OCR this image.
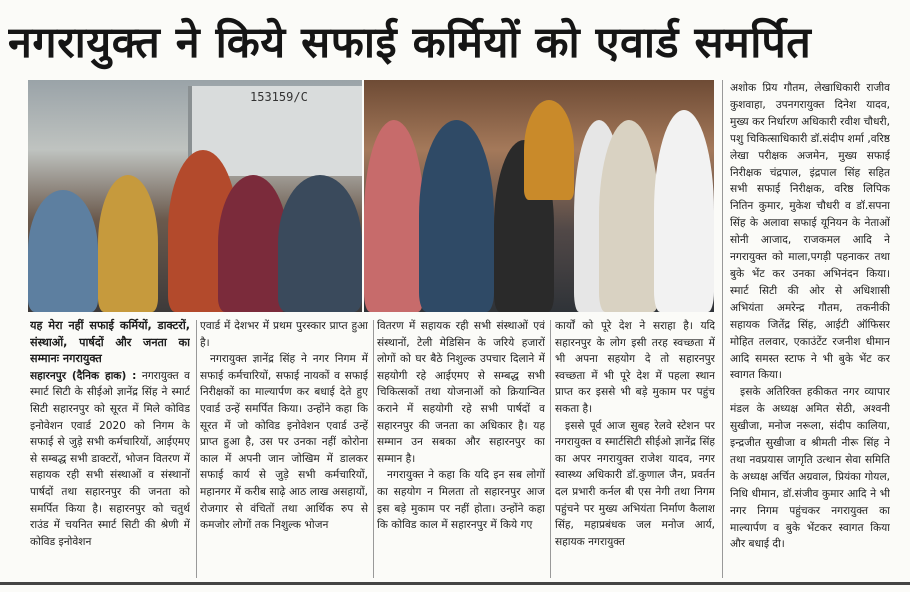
नगरायुक्त ने किये सफाई कर्मियों को एवार्ड समर्पित
153159/C

यह मेरा नहीं सफाई कर्मियों, डाक्टरों, संस्थाओं, पार्षदों और जनता का सम्मानः नगरायुक्त

सहारनपुर (दैनिक हाक) : नगरायुक्त व स्मार्ट सिटी के सीईओ ज्ञानेंद्र सिंह ने स्मार्ट सिटी सहारनपुर को सूरत में मिले कोविड इनोवेशन एवार्ड 2020 को निगम के सफाई से जुड़े सभी कर्मचारियों, आईएमए से सम्बद्ध सभी डाक्टरों, भोजन वितरण में सहायक रही सभी संस्थाओं व संस्थानों पार्षदों तथा सहारनपुर की जनता को समर्पित किया है। सहारनपुर को चतुर्थ राउंड में चयनित स्मार्ट सिटी की श्रेणी में कोविड इनोवेशन

एवार्ड में देशभर में प्रथम पुरस्कार प्राप्त हुआ है।

नगरायुक्त ज्ञानेंद्र सिंह ने नगर निगम में सफाई कर्मचारियों, सफाई नायकों व सफाई निरीक्षकों का माल्यार्पण कर बधाई देते हुए एवार्ड उन्हें समर्पित किया। उन्होंने कहा कि सूरत में जो कोविड इनोवेशन एवार्ड उन्हें प्राप्त हुआ है, उस पर उनका नहीं कोरोना काल में अपनी जान जोखिम में डालकर सफाई कार्य से जुड़े सभी कर्मचारियों, महानगर में करीब साढ़े आठ लाख असहायों, रोजगार से वंचितों तथा आर्थिक रुप से कमजोर लोगों तक निशुल्क भोजन

वितरण में सहायक रही सभी संस्थाओं एवं संस्थानों, टेली मेडिसिन के जरिये हजारों लोगों को घर बैठे निशुल्क उपचार दिलाने में सहयोगी रहे आईएमए से सम्बद्ध सभी चिकित्सकों तथा योजनाओं को क्रियान्वित कराने में सहयोगी रहे सभी पार्षदों व सहारनपुर की जनता का अधिकार है। यह सम्मान उन सबका और सहारनपुर का सम्मान है।

नगरायुक्त ने कहा कि यदि इन सब लोगों का सहयोग न मिलता तो सहारनपुर आज इस बड़े मुकाम पर नहीं होता। उन्होंने कहा कि कोविड काल में सहारनपुर में किये गए

कार्यों को पूरे देश ने सराहा है। यदि सहारनपुर के लोग इसी तरह स्वच्छता में भी अपना सहयोग दे तो सहारनपुर स्वच्छता में भी पूरे देश में पहला स्थान प्राप्त कर इससे भी बड़े मुकाम पर पहुंच सकता है।

इससे पूर्व आज सुबह रेलवे स्टेशन पर नगरायुक्त व स्मार्टसिटी सीईओ ज्ञानेंद्र सिंह का अपर नगरायुक्त राजेश यादव, नगर स्वास्थ्य अधिकारी डॉ.कुणाल जैन, प्रवर्तन दल प्रभारी कर्नल बी एस नेगी तथा निगम पहुंचने पर मुख्य अभियंता निर्माण कैलाश सिंह, महाप्रबंधक जल मनोज आर्य, सहायक नगरायुक्त

अशोक प्रिय गौतम, लेखाधिकारी राजीव कुशवाहा, उपनगरायुक्त दिनेश यादव, मुख्य कर निर्धारण अधिकारी रवीश चौधरी, पशु चिकित्साधिकारी डॉ.संदीप शर्मा ,वरिष्ठ लेखा परीक्षक अजमेन, मुख्य सफाई निरीक्षक चंद्रपाल, इंद्रपाल सिंह सहित सभी सफाई निरीक्षक, वरिष्ठ लिपिक नितिन कुमार, मुकेश चौधरी व डॉ.सपना सिंह के अलावा सफाई यूनियन के नेताओं सोनी आजाद, राजकमल आदि ने नगरायुक्त को माला,पगड़ी पहनाकर तथा बुके भेंट कर उनका अभिनंदन किया। स्मार्ट सिटी की ओर से अधिशासी अभियंता अमरेन्द्र गौतम, तकनीकी सहायक जितेंद्र सिंह, आईटी ऑफिसर मोहित तलवार, एकाउंटेंट रजनीश धीमान आदि समस्त स्टाफ ने भी बुके भेंट कर स्वागत किया।

इसके अतिरिक्त हकीकत नगर व्यापार मंडल के अध्यक्ष अमित सेठी, अश्वनी सुखीजा, मनोज नरूला, संदीप कालिया, इन्द्रजीत सुखीजा व श्रीमती नीरू सिंह ने तथा नवप्रयास जागृति उत्थान सेवा समिति के अध्यक्ष अर्चित अग्रवाल, प्रियंका गोयल, निधि धीमान, डॉ.संजीव कुमार आदि ने भी नगर निगम पहुंचकर नगरायुक्त का माल्यार्पण व बुके भेंटकर स्वागत किया और बधाई दी।
